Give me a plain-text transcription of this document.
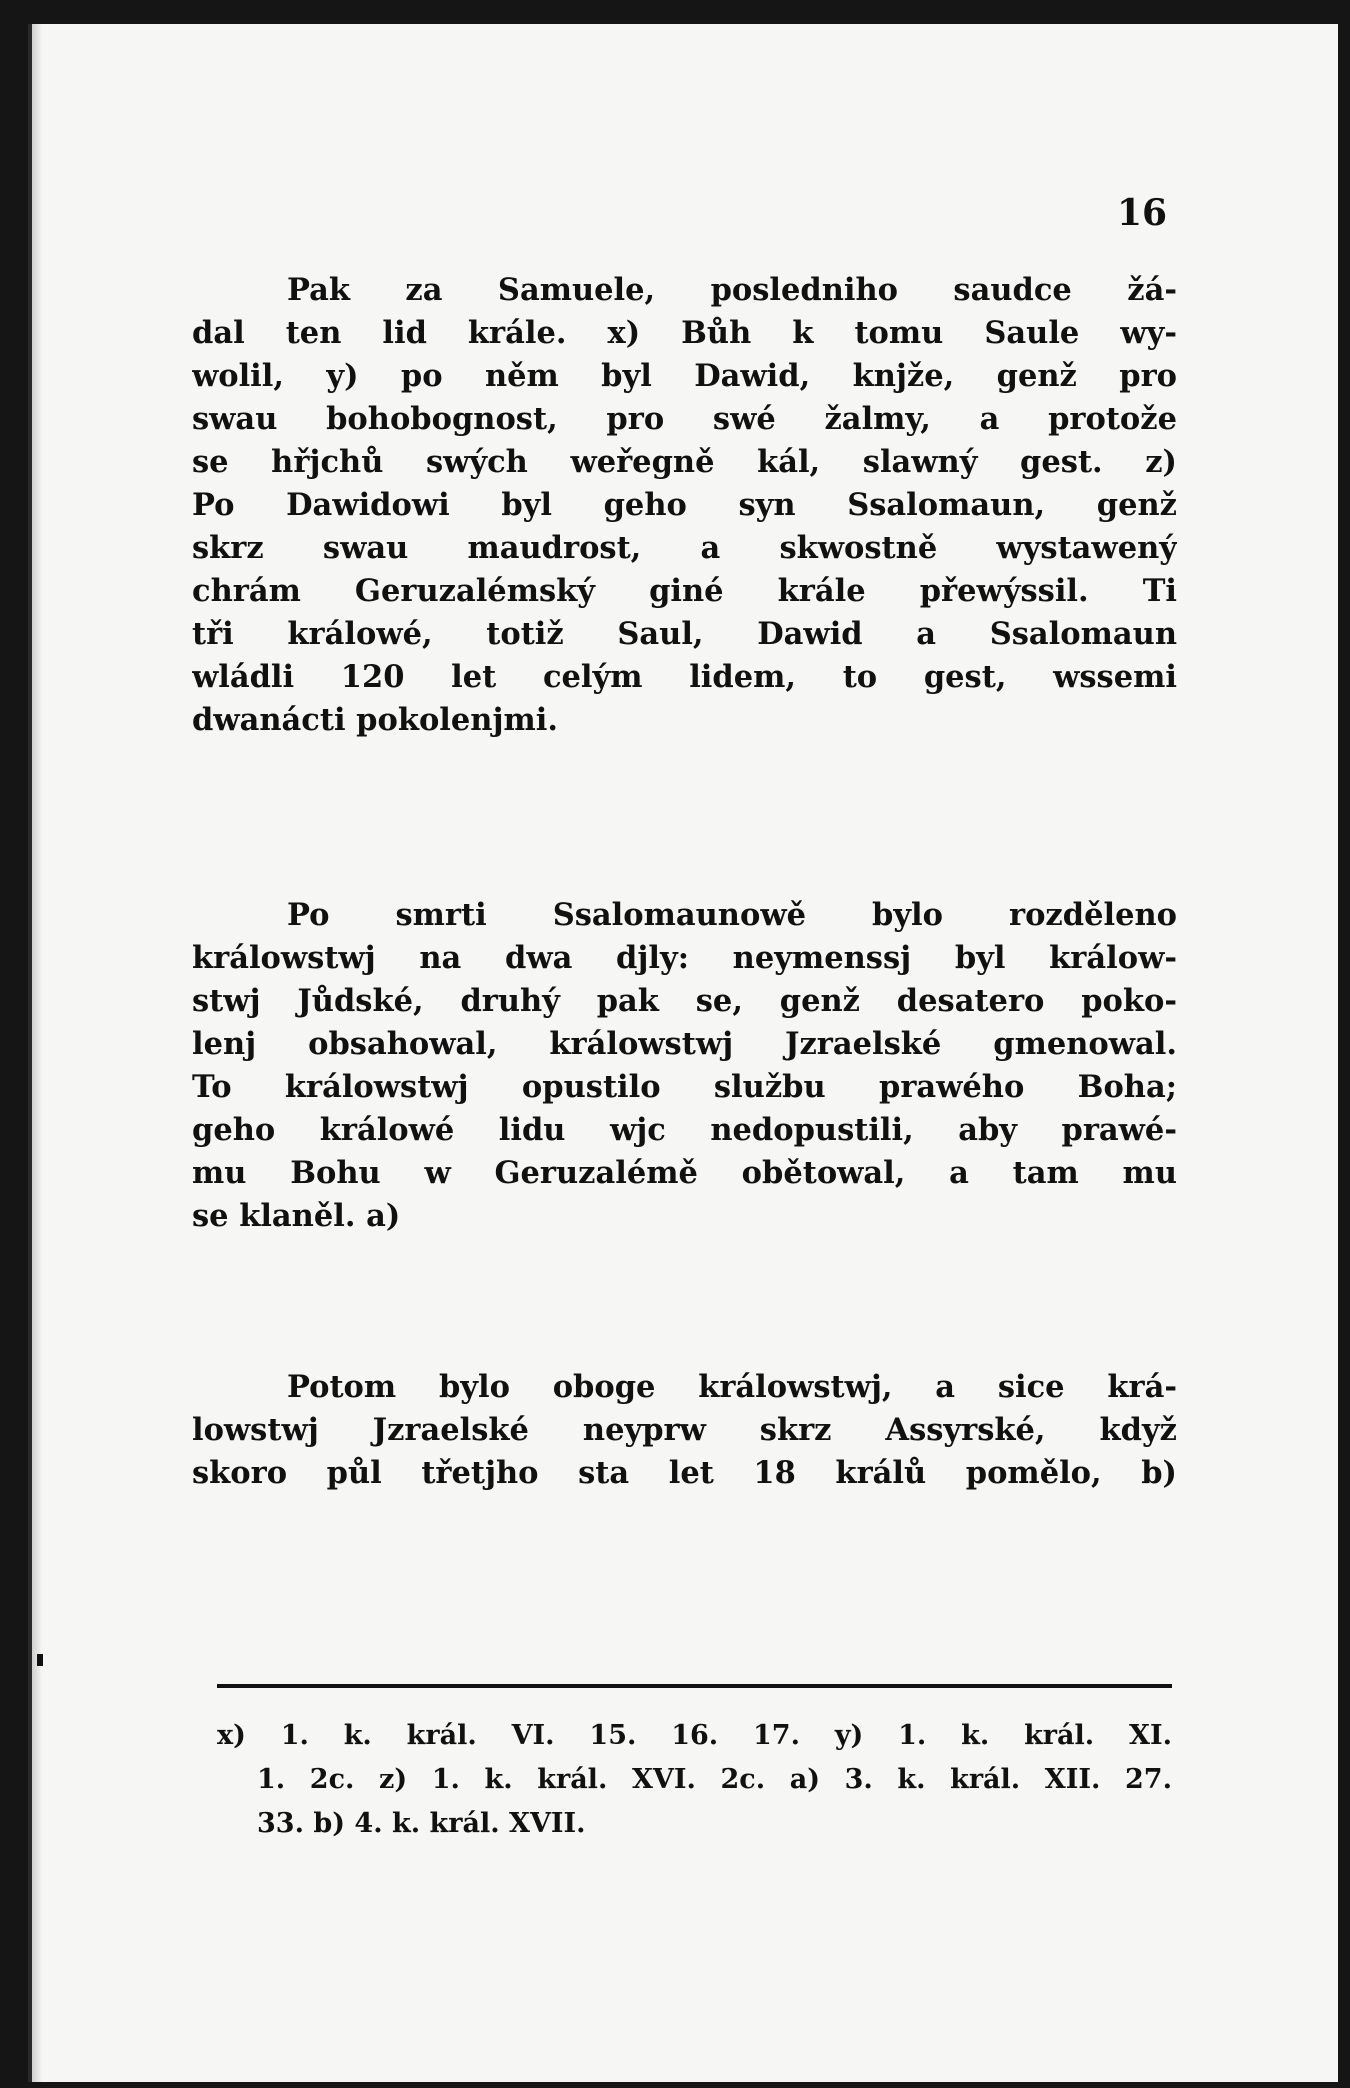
16
Pak za Samuele, posledniho saudce žá-
dal ten lid krále. x) Bůh k tomu Saule wy-
wolil, y) po něm byl Dawid, knjže, genž pro
swau bohobognost, pro swé žalmy, a protože
se hřjchů swých weřegně kál, slawný gest. z)
Po Dawidowi byl geho syn Ssalomaun, genž
skrz swau maudrost, a skwostně wystawený
chrám Geruzalémský giné krále přewýssil. Ti
tři králowé, totiž Saul, Dawid a Ssalomaun
wládli 120 let celým lidem, to gest, wssemi
dwanácti pokolenjmi.
Po smrti Ssalomaunowě bylo rozděleno
králowstwj na dwa djly: neymenssj byl králow-
stwj Jůdské, druhý pak se, genž desatero poko-
lenj obsahowal, králowstwj Jzraelské gmenowal.
To králowstwj opustilo službu prawého Boha;
geho králowé lidu wjc nedopustili, aby prawé-
mu Bohu w Geruzalémě obětowal, a tam mu
se klaněl. a)
Potom bylo oboge králowstwj, a sice krá-
lowstwj Jzraelské neyprw skrz Assyrské, když
skoro půl třetjho sta let 18 králů pomělo, b)
x) 1. k. král. VI. 15. 16. 17. y) 1. k. král. XI.
1. 2c. z) 1. k. král. XVI. 2c. a) 3. k. král. XII. 27.
33. b) 4. k. král. XVII.
